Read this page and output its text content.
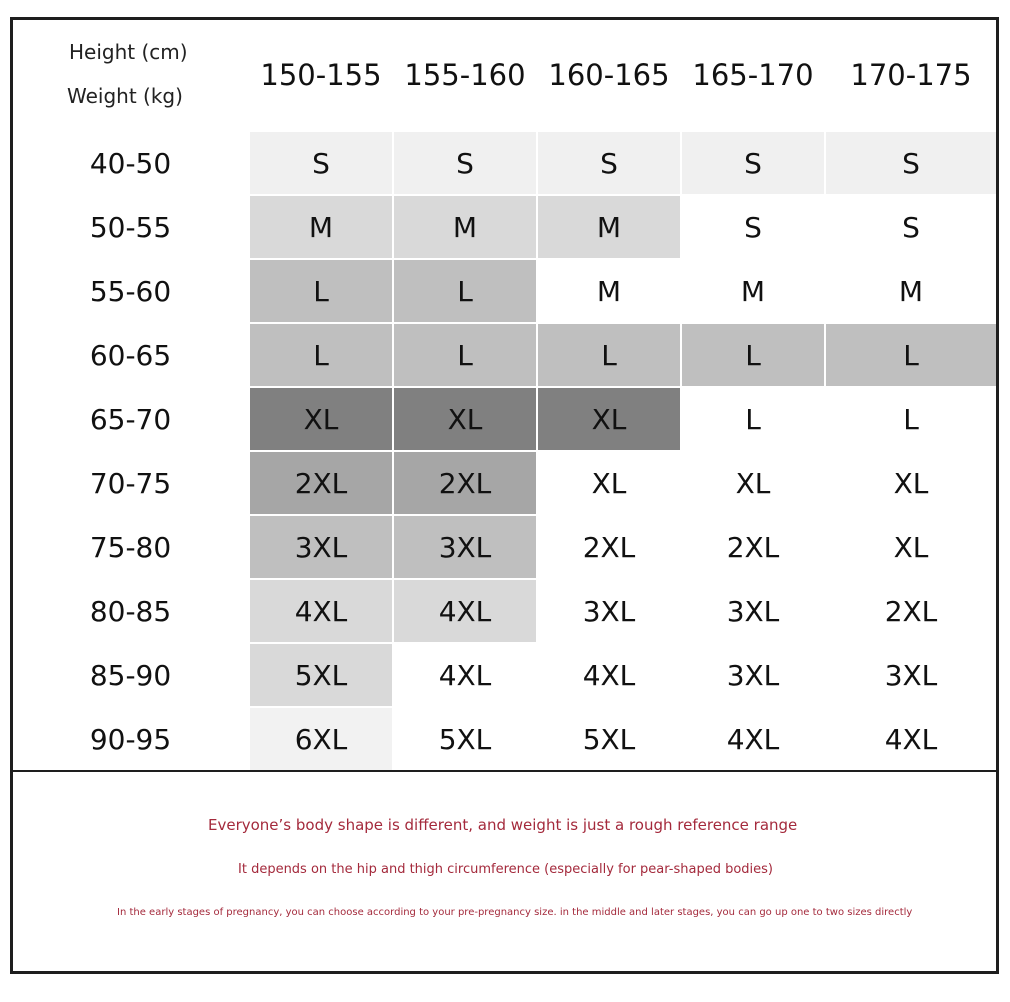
Height (cm)
Weight (kg)
150-155 155-160 160-165 165-170	170-175
40-50	S	S	S	S	S
50-55	M	M	M	S	S
55-60	L	L	M	M	M
60-65	L	L	L	L	L
65-70	XL	XL	XL	L	L
70-75	2XL	2XL	XL	XL	XL
75-80	3XL	3XL	2XL	2XL	XL
80-85	4XL	4XL	3XL	3XL	2XL
85-90	5XL	4XL	4XL	3XL	3XL
90-95	6XL	5XL	5XL	4XL	4XL
Everyone’s body shape is different, and weight is just a rough reference range
It depends on the hip and thigh circumference (especially for pear-shaped bodies)
In the early stages of pregnancy, you can choose according to your pre-pregnancy size. in the middle and later stages, you can go up one to two sizes directly
